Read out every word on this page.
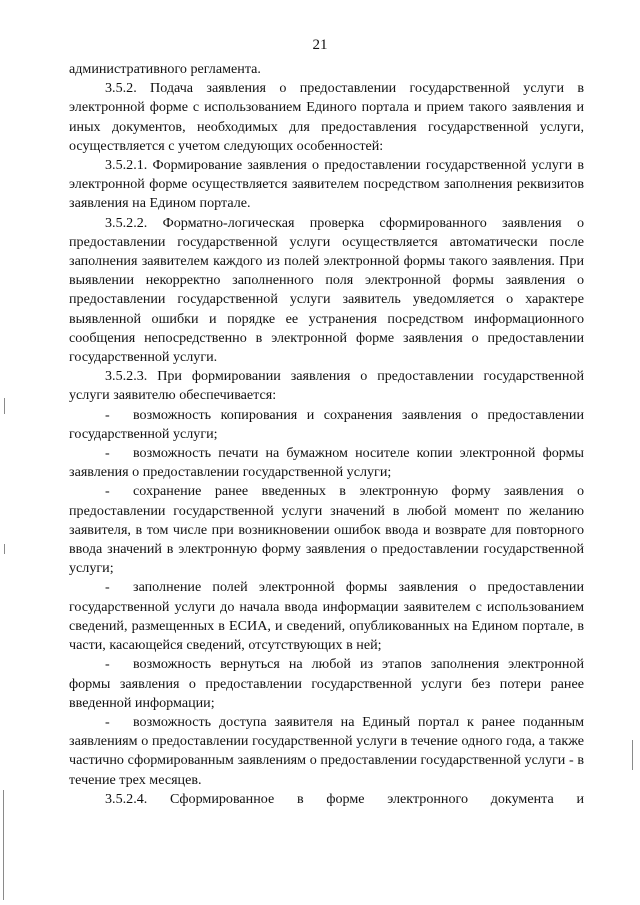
21

административного регламента.

3.5.2. Подача заявления о предоставлении государственной услуги в электронной форме с использованием Единого портала и прием такого заявления и иных документов, необходимых для предоставления государственной услуги, осуществляется с учетом следующих особенностей:

3.5.2.1. Формирование заявления о предоставлении государственной услуги в электронной форме осуществляется заявителем посредством заполнения реквизитов заявления на Едином портале.

3.5.2.2. Форматно-логическая проверка сформированного заявления о предоставлении государственной услуги осуществляется автоматически после заполнения заявителем каждого из полей электронной формы такого заявления. При выявлении некорректно заполненного поля электронной формы заявления о предоставлении государственной услуги заявитель уведомляется о характере выявленной ошибки и порядке ее устранения посредством информационного сообщения непосредственно в электронной форме заявления о предоставлении государственной услуги.

3.5.2.3. При формировании заявления о предоставлении государственной услуги заявителю обеспечивается:

- возможность копирования и сохранения заявления о предоставлении государственной услуги;

- возможность печати на бумажном носителе копии электронной формы заявления о предоставлении государственной услуги;

- сохранение ранее введенных в электронную форму заявления о предоставлении государственной услуги значений в любой момент по желанию заявителя, в том числе при возникновении ошибок ввода и возврате для повторного ввода значений в электронную форму заявления о предоставлении государственной услуги;

- заполнение полей электронной формы заявления о предоставлении государственной услуги до начала ввода информации заявителем с использованием сведений, размещенных в ЕСИА, и сведений, опубликованных на Едином портале, в части, касающейся сведений, отсутствующих в ней;

- возможность вернуться на любой из этапов заполнения электронной формы заявления о предоставлении государственной услуги без потери ранее введенной информации;

- возможность доступа заявителя на Единый портал к ранее поданным заявлениям о предоставлении государственной услуги в течение одного года, а также частично сформированным заявлениям о предоставлении государственной услуги - в течение трех месяцев.

3.5.2.4. Сформированное в форме электронного документа и
